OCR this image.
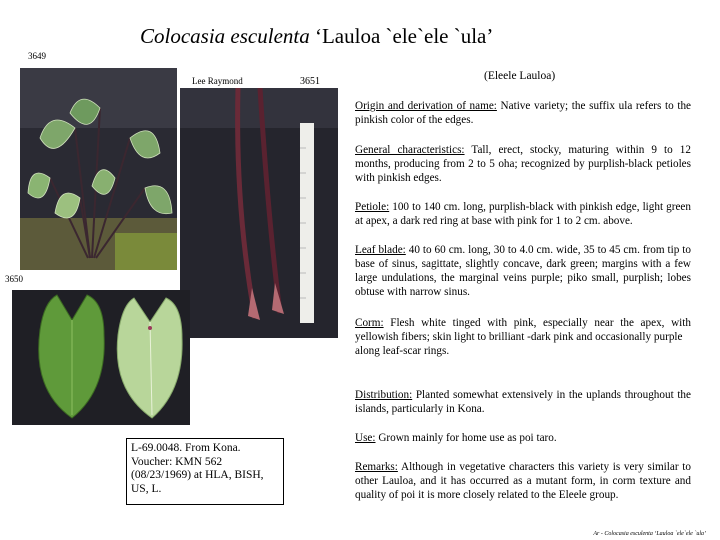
Colocasia esculenta ‘Lauloa `ele`ele `ula’
3649
Lee Raymond	3651
3650
(Eleele Lauloa)
Origin and derivation of name: Native variety; the suffix ula refers to the pinkish color of the edges.
General characteristics: Tall, erect, stocky, maturing within 9 to 12 months, producing from 2 to 5 oha; recognized by purplish-black petioles with pinkish edges.
Petiole: 100 to 140 cm. long, purplish-black with pinkish edge, light green at apex, a dark red ring at base with pink for 1 to 2 cm. above.
Leaf blade: 40 to 60 cm. long, 30 to 4.0 cm. wide, 35 to 45 cm. from tip to base of sinus, sagittate, slightly concave, dark green; margins with a few large undulations, the marginal veins purple; piko small, purplish; lobes obtuse with narrow sinus.
Corm: Flesh white tinged with pink, especially near the apex, with yellowish fibers; skin light to brilliant -dark pink and occasionally purple
along leaf-scar rings.
Distribution: Planted somewhat extensively in the uplands throughout the islands, particularly in Kona.
Use: Grown mainly for home use as poi taro.
Remarks: Although in vegetative characters this variety is very similar to other Lauloa, and it has occurred as a mutant form, in corm texture and quality of poi it is more closely related to the Eleele group.
L-69.0048. From Kona.
Voucher: KMN 562
(08/23/1969) at HLA, BISH,
US, L.
Ar - Colocasia esculenta ‘Lauloa `ele`ele `ula’
